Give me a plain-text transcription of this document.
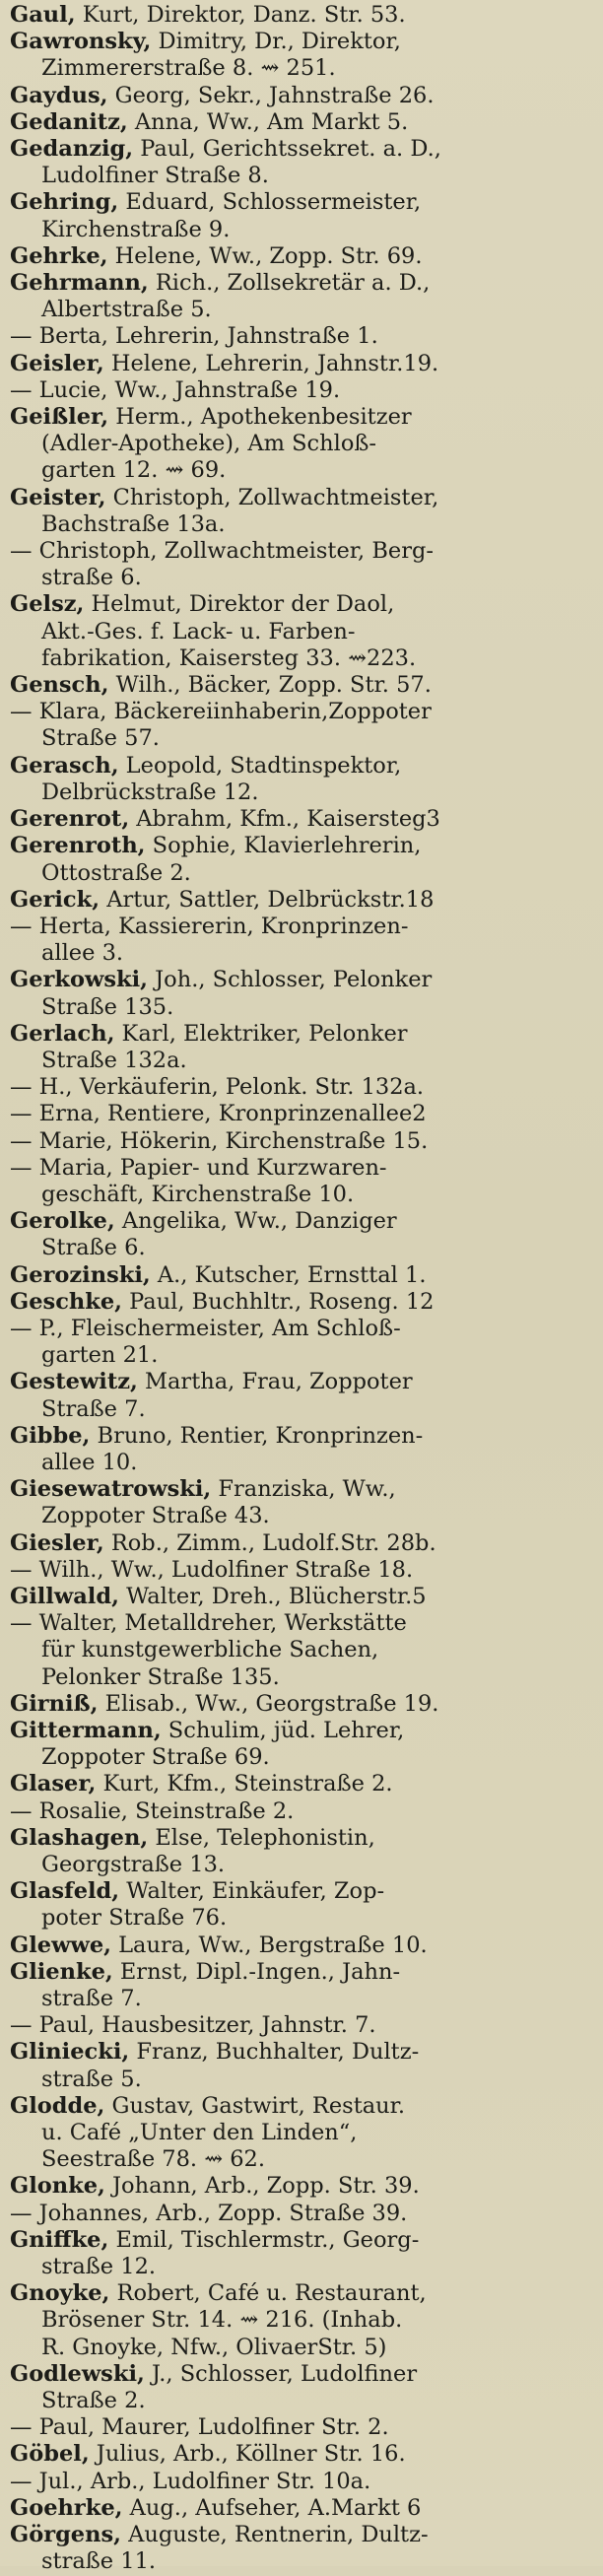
Gaul, Kurt, Direktor, Danz. Str. 53.

Gawronsky, Dimitry, Dr., Direktor,
Zimmererstraße 8. ⇝ 251.

Gaydus, Georg, Sekr., Jahnstraße 26.

Gedanitz, Anna, Ww., Am Markt 5.

Gedanzig, Paul, Gerichtssekret. a. D.,
Ludolfiner Straße 8.

Gehring, Eduard, Schlossermeister,
Kirchenstraße 9.

Gehrke, Helene, Ww., Zopp. Str. 69.

Gehrmann, Rich., Zollsekretär a. D.,
Albertstraße 5.

— Berta, Lehrerin, Jahnstraße 1.

Geisler, Helene, Lehrerin, Jahnstr.19.

— Lucie, Ww., Jahnstraße 19.

Geißler, Herm., Apothekenbesitzer
(Adler-Apotheke), Am Schloß-
garten 12. ⇝ 69.

Geister, Christoph, Zollwachtmeister,
Bachstraße 13a.

— Christoph, Zollwachtmeister, Berg-
straße 6.

Gelsz, Helmut, Direktor der Daol,
Akt.-Ges. f. Lack- u. Farben-
fabrikation, Kaisersteg 33. ⇝223.

Gensch, Wilh., Bäcker, Zopp. Str. 57.

— Klara, Bäckereiinhaberin,Zoppoter
Straße 57.

Gerasch, Leopold, Stadtinspektor,
Delbrückstraße 12.

Gerenrot, Abrahm, Kfm., Kaisersteg3

Gerenroth, Sophie, Klavierlehrerin,
Ottostraße 2.

Gerick, Artur, Sattler, Delbrückstr.18

— Herta, Kassiererin, Kronprinzen-
allee 3.

Gerkowski, Joh., Schlosser, Pelonker
Straße 135.

Gerlach, Karl, Elektriker, Pelonker
Straße 132a.

— H., Verkäuferin, Pelonk. Str. 132a.

— Erna, Rentiere, Kronprinzenallee2

— Marie, Hökerin, Kirchenstraße 15.

— Maria, Papier- und Kurzwaren-
geschäft, Kirchenstraße 10.

Gerolke, Angelika, Ww., Danziger
Straße 6.

Gerozinski, A., Kutscher, Ernsttal 1.

Geschke, Paul, Buchhltr., Roseng. 12

— P., Fleischermeister, Am Schloß-
garten 21.

Gestewitz, Martha, Frau, Zoppoter
Straße 7.

Gibbe, Bruno, Rentier, Kronprinzen-
allee 10.

Giesewatrowski, Franziska, Ww.,
Zoppoter Straße 43.

Giesler, Rob., Zimm., Ludolf.Str. 28b.

— Wilh., Ww., Ludolfiner Straße 18.

Gillwald, Walter, Dreh., Blücherstr.5

— Walter, Metalldreher, Werkstätte
für kunstgewerbliche Sachen,
Pelonker Straße 135.

Girniß, Elisab., Ww., Georgstraße 19.

Gittermann, Schulim, jüd. Lehrer,
Zoppoter Straße 69.

Glaser, Kurt, Kfm., Steinstraße 2.

— Rosalie, Steinstraße 2.

Glashagen, Else, Telephonistin,
Georgstraße 13.

Glasfeld, Walter, Einkäufer, Zop-
poter Straße 76.

Glewwe, Laura, Ww., Bergstraße 10.

Glienke, Ernst, Dipl.-Ingen., Jahn-
straße 7.

— Paul, Hausbesitzer, Jahnstr. 7.

Gliniecki, Franz, Buchhalter, Dultz-
straße 5.

Glodde, Gustav, Gastwirt, Restaur.
u. Café „Unter den Linden“,
Seestraße 78. ⇝ 62.

Glonke, Johann, Arb., Zopp. Str. 39.

— Johannes, Arb., Zopp. Straße 39.

Gniffke, Emil, Tischlermstr., Georg-
straße 12.

Gnoyke, Robert, Café u. Restaurant,
Brösener Str. 14. ⇝ 216. (Inhab.
R. Gnoyke, Nfw., OlivaerStr. 5)

Godlewski, J., Schlosser, Ludolfiner
Straße 2.

— Paul, Maurer, Ludolfiner Str. 2.

Göbel, Julius, Arb., Köllner Str. 16.

— Jul., Arb., Ludolfiner Str. 10a.

Goehrke, Aug., Aufseher, A.Markt 6

Görgens, Auguste, Rentnerin, Dultz-
straße 11.
